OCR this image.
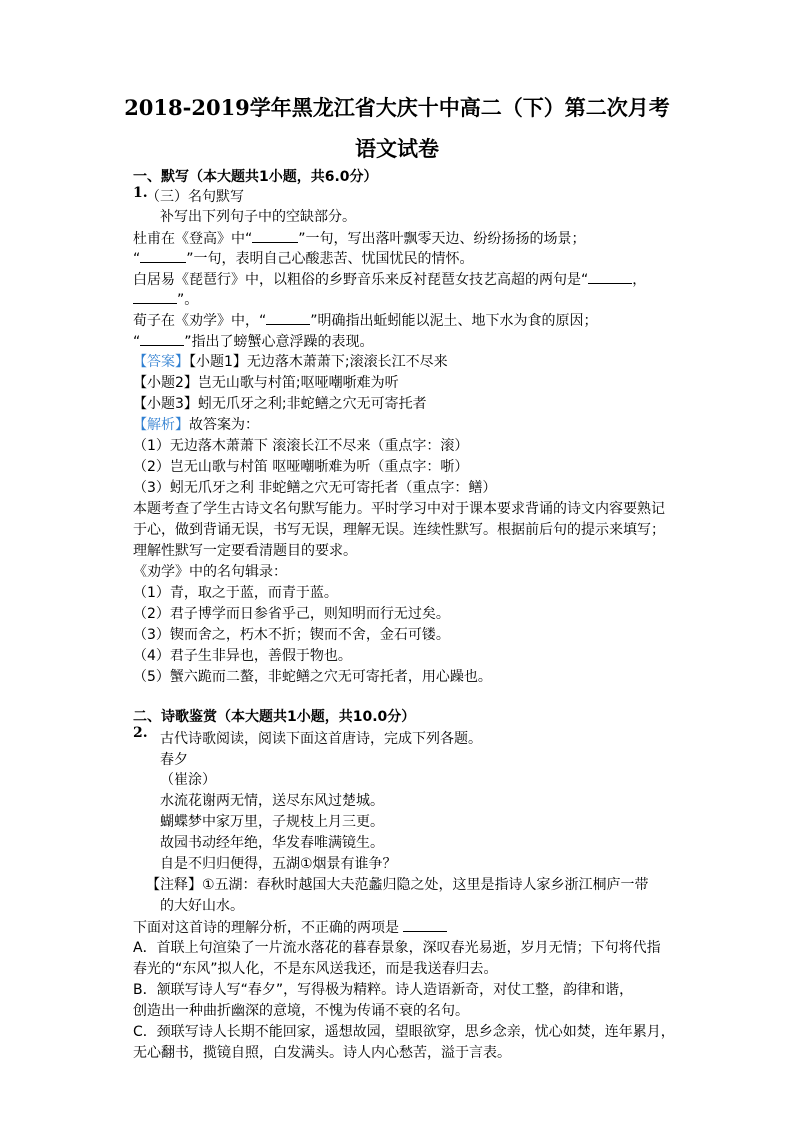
2018-2019学年黑龙江省大庆十中高二（下）第二次月考
语文试卷
一、默写（本大题共1小题，共6.0分）
1.
（三）名句默写
补写出下列句子中的空缺部分。
杜甫在《登高》中“	”一句，写出落叶飘零天边、纷纷扬扬的场景；
“	”一句，表明自己心酸悲苦、忧国忧民的情怀。
白居易《琵琶行》中，以粗俗的乡野音乐来反衬琵琶女技艺高超的两句是“	，
”。
荀子在《劝学》中，“	”明确指出蚯蚓能以泥土、地下水为食的原因；
“	”指出了螃蟹心意浮躁的表现。
【答案】【小题1】无边落木萧萧下;滚滚长江不尽来
【小题2】岂无山歌与村笛;呕哑嘲哳难为听
【小题3】蚓无爪牙之利;非蛇鳝之穴无可寄托者
【解析】故答案为：
（1）无边落木萧萧下 滚滚长江不尽来（重点字：滚）
（2）岂无山歌与村笛 呕哑嘲哳难为听（重点字：哳）
（3）蚓无爪牙之利 非蛇鳝之穴无可寄托者（重点字：鳝）
本题考查了学生古诗文名句默写能力。平时学习中对于课本要求背诵的诗文内容要熟记
于心，做到背诵无误，书写无误，理解无误。连续性默写。根据前后句的提示来填写；
理解性默写一定要看清题目的要求。
《劝学》中的名句辑录：
（1）青，取之于蓝，而青于蓝。
（2）君子博学而日参省乎己，则知明而行无过矣。
（3）锲而舍之，朽木不折；锲而不舍，金石可镂。
（4）君子生非异也，善假于物也。
（5）蟹六跪而二螯，非蛇鳝之穴无可寄托者，用心躁也。
二、诗歌鉴赏（本大题共1小题，共10.0分）
2. 古代诗歌阅读，阅读下面这首唐诗，完成下列各题。
春夕
（崔涂）
水流花谢两无情，送尽东风过楚城。
蝴蝶梦中家万里，子规枝上月三更。
故园书动经年绝，华发春唯满镜生。
自是不归归便得，五湖①烟景有谁争？
【注释】①五湖：春秋时越国大夫范蠡归隐之处，这里是指诗人家乡浙江桐庐一带
的大好山水。
下面对这首诗的理解分析，不正确的两项是
A．首联上句渲染了一片流水落花的暮春景象，深叹春光易逝，岁月无情；下句将代指
春光的“东风”拟人化，不是东风送我还，而是我送春归去。
B．颔联写诗人写“春夕”，写得极为精粹。诗人造语新奇，对仗工整，韵律和谐，
创造出一种曲折幽深的意境，不愧为传诵不衰的名句。
C．颈联写诗人长期不能回家，遥想故园，望眼欲穿，思乡念亲，忧心如焚，连年累月，
无心翻书，揽镜自照，白发满头。诗人内心愁苦，溢于言表。
